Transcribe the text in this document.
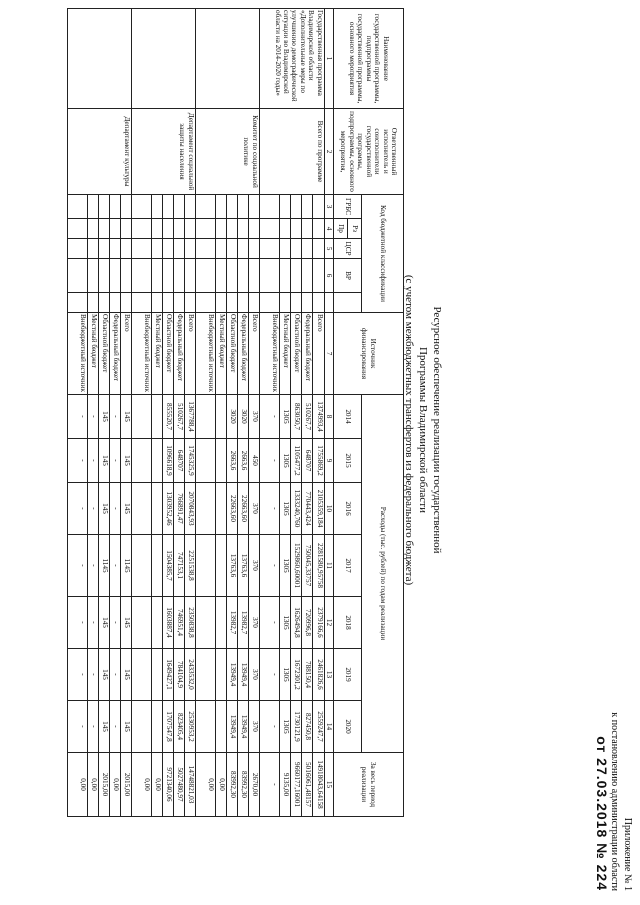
Приложение № 1
к постановлению администрации области
от 27.03.2018 № 224
Ресурсное обеспечение реализации государственной
Программы Владимирской области
(с учетом межбюджетных трансфертов из федерального бюджета)
Наименование государственной программы, подпрограммы государственной программы, основного мероприятия	Ответственный исполнитель и соисполнители государственной программы, подпрограммы, основного мероприятия,	Код бюджетной классификации					Источник финансирования	Расходы (тыс. рублей) по годам реализации							За весь период реализации
		ГРБС	Рз	ЦСР	ВР			2014	2015	2016	2017	2018	2019	2020	
			Пр												
1	2	3	4	5	6		7	8	9	10	11	12	13	14	15
Государственная программа Владимирской области «Дополнительные меры по улучшению демографической ситуации во Владимирской области на 2014-2020 годы»	Всего по программе						Всего	1374993,4	1755869,2	2105359,184	2281580,95758	2379166,6	2461826,6	2559247,7	14918043,64158
							Федеральный бюджет	510267,7	648707	770443,424	750045,33757	720996,8	788150,4	827450,8	5016061,48157
							Областной бюджет	863050,7	1105477,2	1333240,760	1529860,60001	1626494,8	1672301,2	1730121,9	9660177,16001
							Местный бюджет	1305	1305	1305	1305	1305	1305	1305	9135,00
							Внебюджетный источник	-	-	-	-	-	-	-	-
	Комитет по социальной политике						Всего	370	450	370	370	370	370	370	2670,00
							Федеральный бюджет	3020	2663,6	22663,60	13763,6	13982,7	13949,4	13949,4	83992,30
							Областной бюджет	3020	2663,6	22663,60	13763,6	13982,7	13949,4	13949,4	83992,30
							Местный бюджет								0,00
							Внебюджетный источник								0,00
	Департамент социальной защиты населения						Всего	1367788,4	1745325,9	2070843,93	2251538,8	2350838,8	2433532,0	2530953,2	14748821,03
							Федеральный бюджет	510267,7	648707	766891,47	747153,1	746951,4	784104,9	823405,4	5027480,97
							Областной бюджет	855520,7	1096618,9	1303952,46	1504385,7	1603887,4	1649427,1	1707547,8	9721340,06
							Местный бюджет								0,00
							Внебюджетный источник								0,00
	Департамент культуры						Всего	145	145	145	1145	145	145	145	2015,00
							Федеральный бюджет	-	-	-	-	-	-	-	0,00
							Областной бюджет	145	145	145	1145	145	145	145	2015,00
							Местный бюджет	-	-	-	-	-	-	-	0,00
							Внебюджетный источник	-	-	-	-	-	-	-	0,00
